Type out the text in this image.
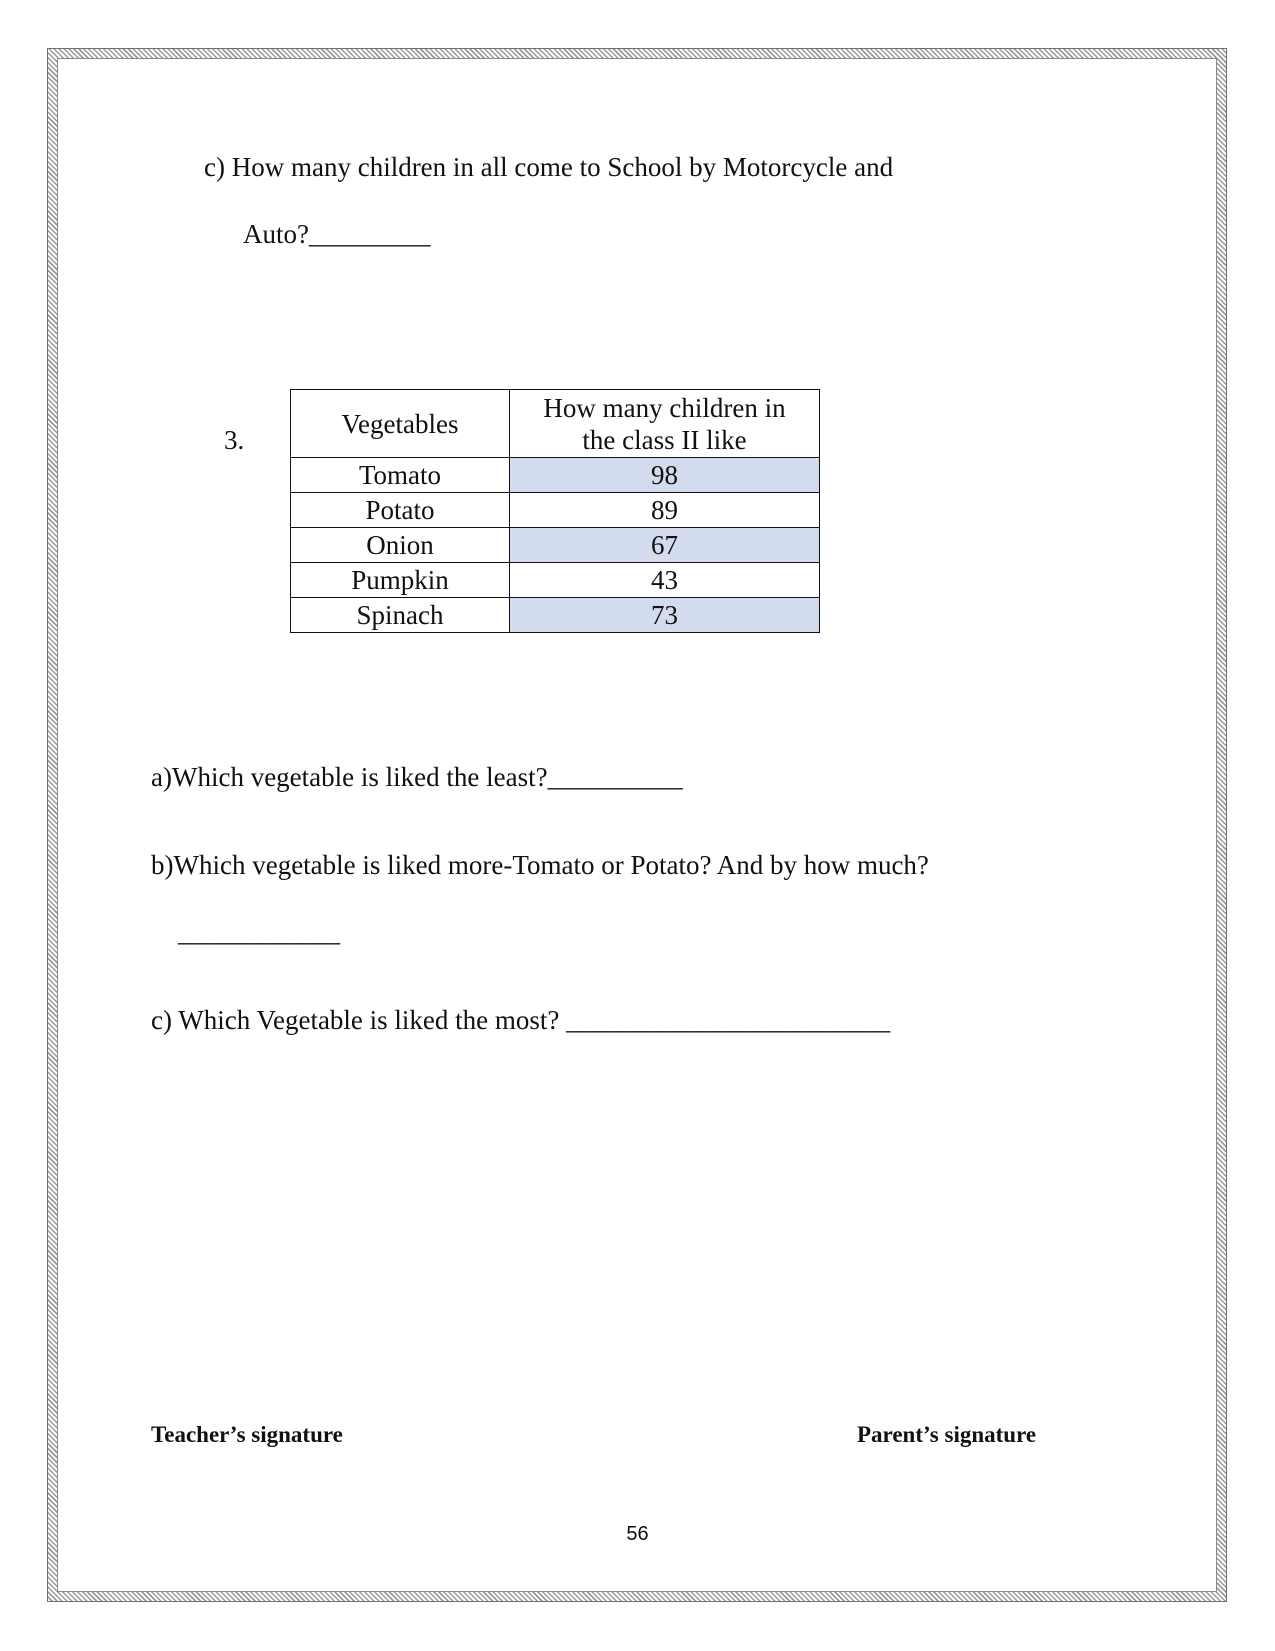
c) How many children in all come to School by Motorcycle and
Auto?_________
3.
Vegetables	How many children in
the class II like

Tomato	98
Potato	89
Onion	67
Pumpkin	43
Spinach	73
a)Which vegetable is liked the least?__________
b)Which vegetable is liked more-Tomato or Potato? And by how much?
____________
c) Which Vegetable is liked the most? ________________________
Teacher’s signature	Parent’s signature
56
